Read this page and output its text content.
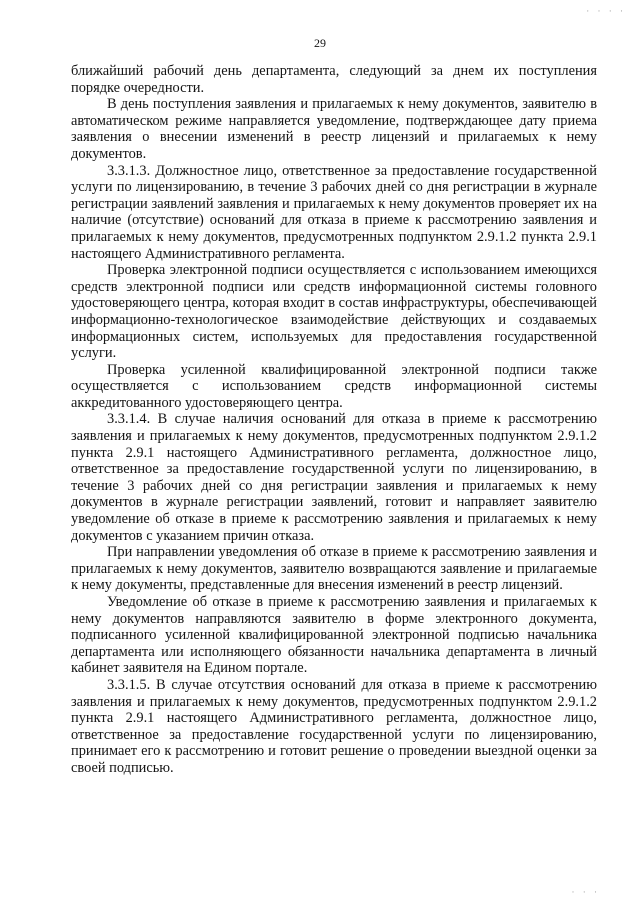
· · · ·
29

ближайший рабочий день департамента, следующий за днем их поступления порядке очередности.

В день поступления заявления и прилагаемых к нему документов, заявителю в автоматическом режиме направляется уведомление, подтверждающее дату приема заявления о внесении изменений в реестр лицензий и прилагаемых к нему документов.

3.3.1.3. Должностное лицо, ответственное за предоставление государственной услуги по лицензированию, в течение 3 рабочих дней со дня регистрации в журнале регистрации заявлений заявления и прилагаемых к нему документов проверяет их на наличие (отсутствие) оснований для отказа в приеме к рассмотрению заявления и прилагаемых к нему документов, предусмотренных подпунктом 2.9.1.2 пункта 2.9.1 настоящего Административного регламента.

Проверка электронной подписи осуществляется с использованием имеющихся средств электронной подписи или средств информационной системы головного удостоверяющего центра, которая входит в состав инфраструктуры, обеспечивающей информационно-технологическое взаимодействие действующих и создаваемых информационных систем, используемых для предоставления государственной услуги.

Проверка усиленной квалифицированной электронной подписи также осуществляется с использованием средств информационной системы аккредитованного удостоверяющего центра.

3.3.1.4. В случае наличия оснований для отказа в приеме к рассмотрению заявления и прилагаемых к нему документов, предусмотренных подпунктом 2.9.1.2 пункта 2.9.1 настоящего Административного регламента, должностное лицо, ответственное за предоставление государственной услуги по лицензированию, в течение 3 рабочих дней со дня регистрации заявления и прилагаемых к нему документов в журнале регистрации заявлений, готовит и направляет заявителю уведомление об отказе в приеме к рассмотрению заявления и прилагаемых к нему документов с указанием причин отказа.

При направлении уведомления об отказе в приеме к рассмотрению заявления и прилагаемых к нему документов, заявителю возвращаются заявление и прилагаемые к нему документы, представленные для внесения изменений в реестр лицензий.

Уведомление об отказе в приеме к рассмотрению заявления и прилагаемых к нему документов направляются заявителю в форме электронного документа, подписанного усиленной квалифицированной электронной подписью начальника департамента или исполняющего обязанности начальника департамента в личный кабинет заявителя на Едином портале.

3.3.1.5. В случае отсутствия оснований для отказа в приеме к рассмотрению заявления и прилагаемых к нему документов, предусмотренных подпунктом 2.9.1.2 пункта 2.9.1 настоящего Административного регламента, должностное лицо, ответственное за предоставление государственной услуги по лицензированию, принимает его к рассмотрению и готовит решение о проведении выездной оценки за своей подписью.

· · ·
